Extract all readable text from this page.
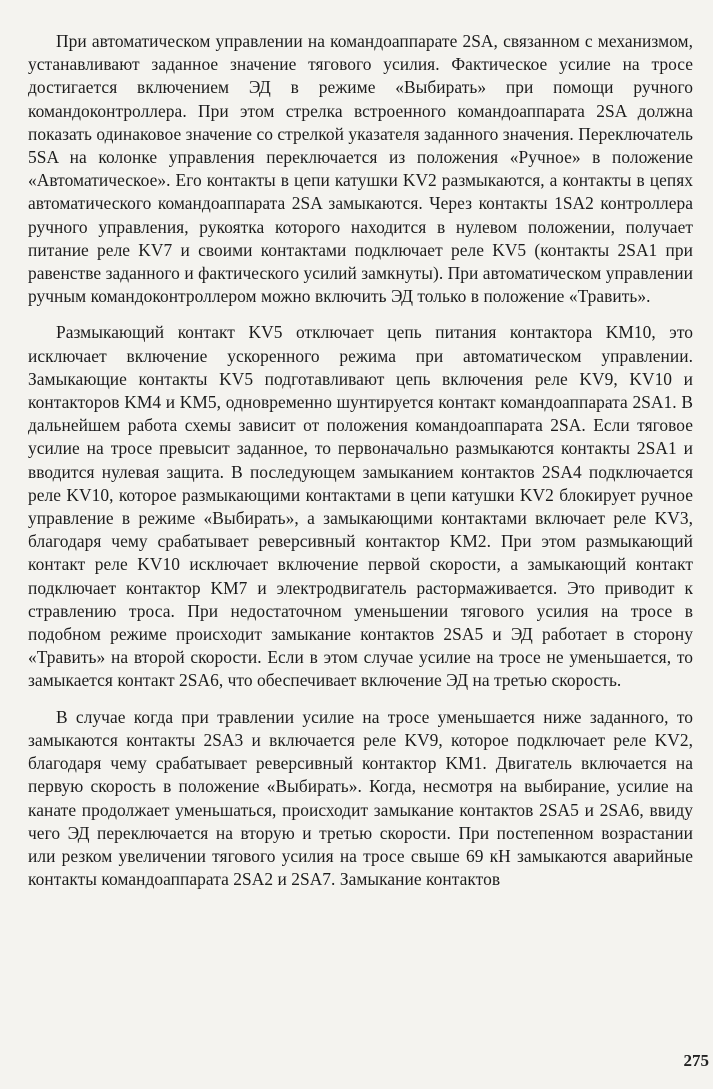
При автоматическом управлении на командоаппарате 2SA, связанном с механизмом, устанавливают заданное значение тягового усилия. Фактическое усилие на тросе достигается включением ЭД в режиме «Выбирать» при помощи ручного командоконтроллера. При этом стрелка встроенного командоаппарата 2SA должна показать одинаковое значение со стрелкой указателя заданного значения. Переключатель 5SA на колонке управления переключается из положения «Ручное» в положение «Автоматическое». Его контакты в цепи катушки KV2 размыкаются, а контакты в цепях автоматического командоаппарата 2SA замыкаются. Через контакты 1SA2 контроллера ручного управления, рукоятка которого находится в нулевом положении, получает питание реле KV7 и своими контактами подключает реле KV5 (контакты 2SA1 при равенстве заданного и фактического усилий замкнуты). При автоматическом управлении ручным командоконтроллером можно включить ЭД только в положение «Травить».

Размыкающий контакт KV5 отключает цепь питания контактора KM10, это исключает включение ускоренного режима при автоматическом управлении. Замыкающие контакты KV5 подготавливают цепь включения реле KV9, KV10 и контакторов KM4 и KM5, одновременно шунтируется контакт командоаппарата 2SA1. В дальнейшем работа схемы зависит от положения командоаппарата 2SA. Если тяговое усилие на тросе превысит заданное, то первоначально размыкаются контакты 2SA1 и вводится нулевая защита. В последующем замыканием контактов 2SA4 подключается реле KV10, которое размыкающими контактами в цепи катушки KV2 блокирует ручное управление в режиме «Выбирать», а замыкающими контактами включает реле KV3, благодаря чему срабатывает реверсивный контактор KM2. При этом размыкающий контакт реле KV10 исключает включение первой скорости, а замыкающий контакт подключает контактор KM7 и электродвигатель растормаживается. Это приводит к стравлению троса. При недостаточном уменьшении тягового усилия на тросе в подобном режиме происходит замыкание контактов 2SA5 и ЭД работает в сторону «Травить» на второй скорости. Если в этом случае усилие на тросе не уменьшается, то замыкается контакт 2SA6, что обеспечивает включение ЭД на третью скорость.

В случае когда при травлении усилие на тросе уменьшается ниже заданного, то замыкаются контакты 2SA3 и включается реле KV9, которое подключает реле KV2, благодаря чему срабатывает реверсивный контактор KM1. Двигатель включается на первую скорость в положение «Выбирать». Когда, несмотря на выбирание, усилие на канате продолжает уменьшаться, происходит замыкание контактов 2SA5 и 2SA6, ввиду чего ЭД переключается на вторую и третью скорости. При постепенном возрастании или резком увеличении тягового усилия на тросе свыше 69 кН замыкаются аварийные контакты командоаппарата 2SA2 и 2SA7. Замыкание контактов

275
